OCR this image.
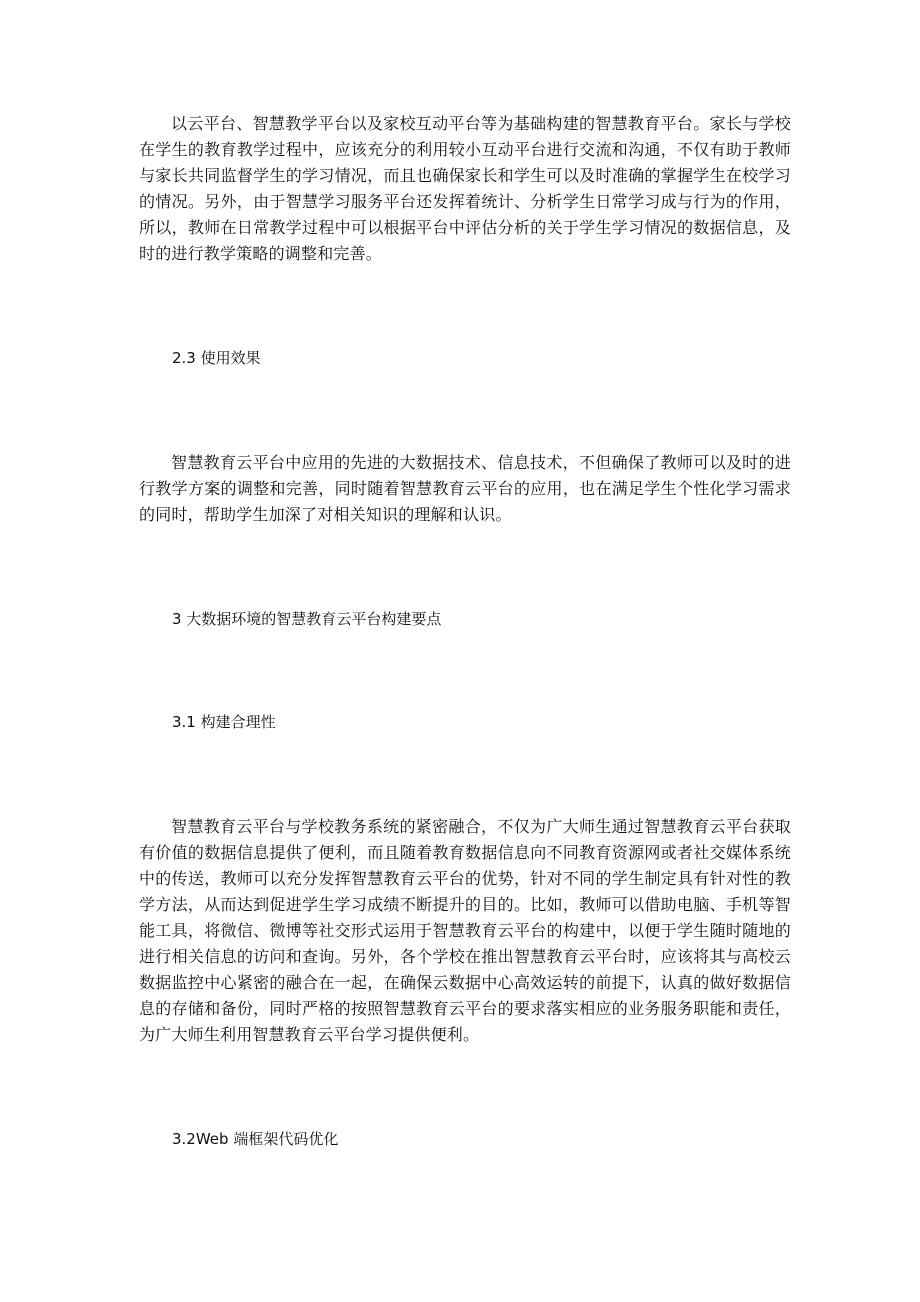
以云平台、智慧教学平台以及家校互动平台等为基础构建的智慧教育平台。家长与学校在学生的教育教学过程中，应该充分的利用较小互动平台进行交流和沟通，不仅有助于教师与家长共同监督学生的学习情况，而且也确保家长和学生可以及时准确的掌握学生在校学习的情况。另外，由于智慧学习服务平台还发挥着统计、分析学生日常学习成与行为的作用，所以，教师在日常教学过程中可以根据平台中评估分析的关于学生学习情况的数据信息，及时的进行教学策略的调整和完善。

2.3 使用效果

智慧教育云平台中应用的先进的大数据技术、信息技术，不但确保了教师可以及时的进行教学方案的调整和完善，同时随着智慧教育云平台的应用，也在满足学生个性化学习需求的同时，帮助学生加深了对相关知识的理解和认识。

3 大数据环境的智慧教育云平台构建要点
3.1 构建合理性

智慧教育云平台与学校教务系统的紧密融合，不仅为广大师生通过智慧教育云平台获取有价值的数据信息提供了便利，而且随着教育数据信息向不同教育资源网或者社交媒体系统中的传送，教师可以充分发挥智慧教育云平台的优势，针对不同的学生制定具有针对性的教学方法，从而达到促进学生学习成绩不断提升的目的。比如，教师可以借助电脑、手机等智能工具，将微信、微博等社交形式运用于智慧教育云平台的构建中，以便于学生随时随地的进行相关信息的访问和查询。另外，各个学校在推出智慧教育云平台时，应该将其与高校云数据监控中心紧密的融合在一起，在确保云数据中心高效运转的前提下，认真的做好数据信息的存储和备份，同时严格的按照智慧教育云平台的要求落实相应的业务服务职能和责任，为广大师生利用智慧教育云平台学习提供便利。

3.2Web 端框架代码优化
